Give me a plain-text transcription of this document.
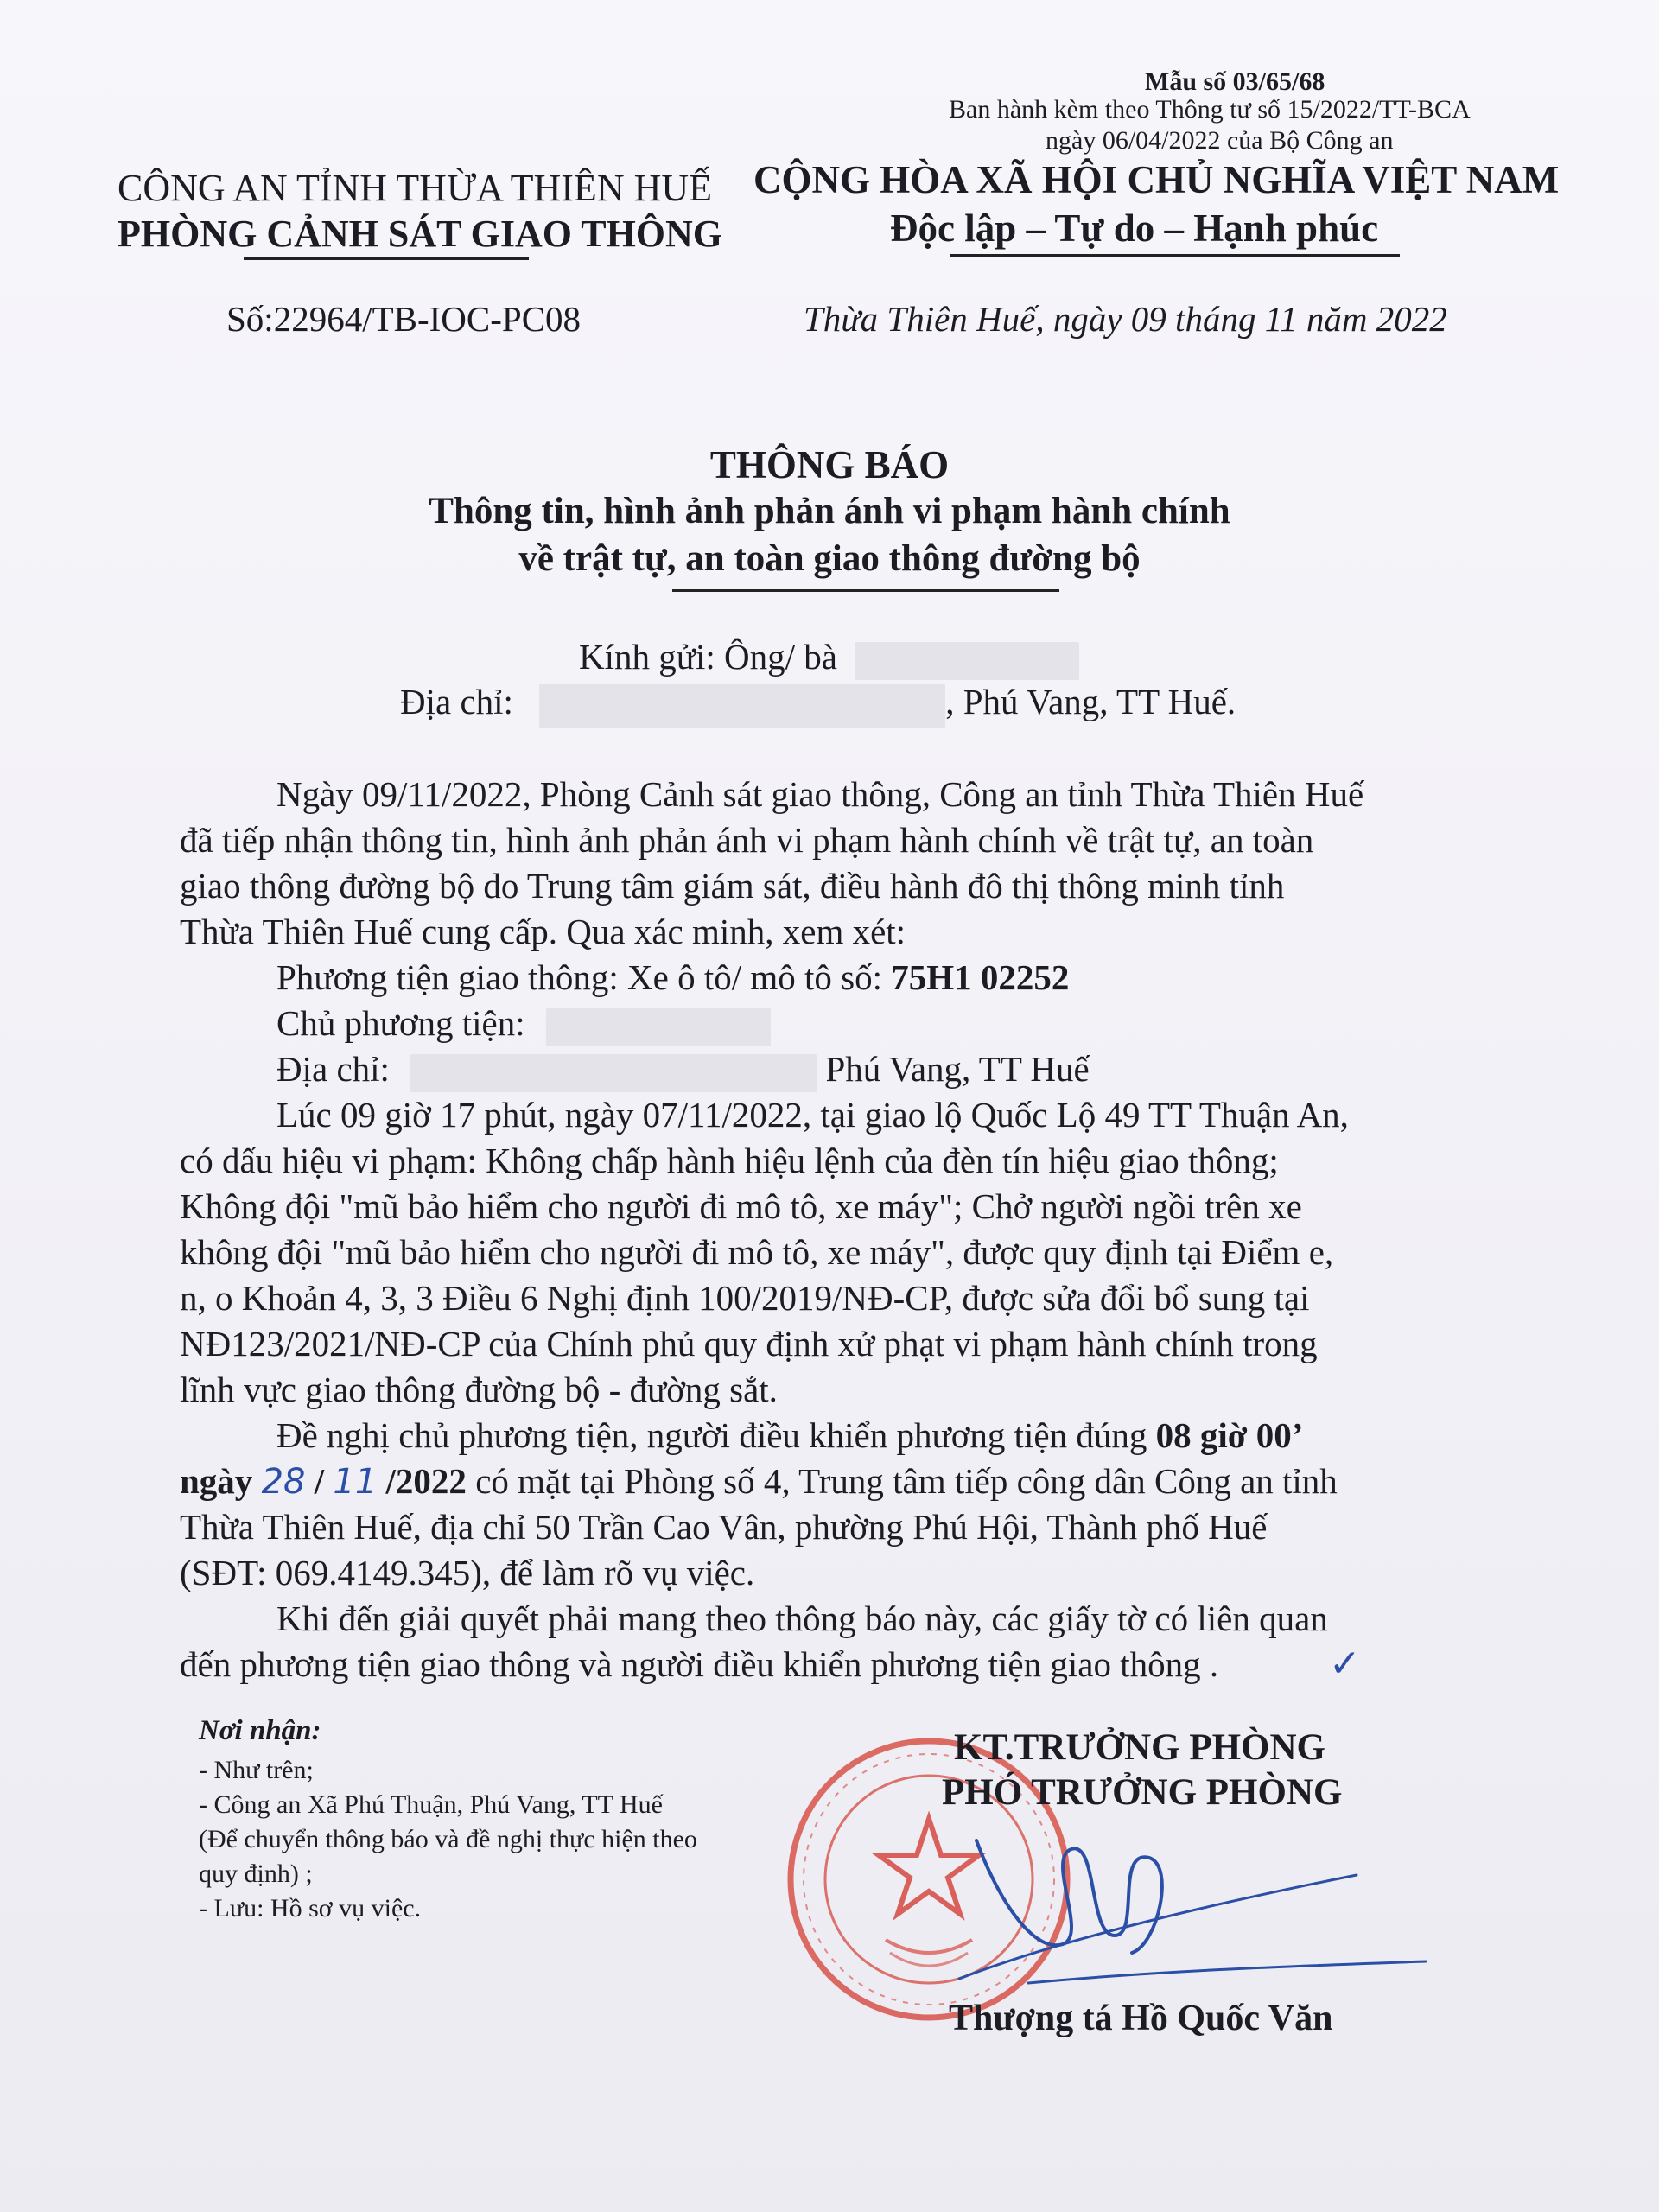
Mẫu số 03/65/68
Ban hành kèm theo Thông tư số 15/2022/TT-BCA
ngày 06/04/2022 của Bộ Công an
CÔNG AN TỈNH THỪA THIÊN HUẾ
PHÒNG CẢNH SÁT GIAO THÔNG
CỘNG HÒA XÃ HỘI CHỦ NGHĨA VIỆT NAM
Độc lập – Tự do – Hạnh phúc
Số:22964/TB-IOC-PC08	Thừa Thiên Huế, ngày 09 tháng 11 năm 2022
THÔNG BÁO
Thông tin, hình ảnh phản ánh vi phạm hành chính
về trật tự, an toàn giao thông đường bộ
Kính gửi: Ông/ bà
Địa chỉ:	, Phú Vang, TT Huế.
Ngày 09/11/2022, Phòng Cảnh sát giao thông, Công an tỉnh Thừa Thiên Huế
đã tiếp nhận thông tin, hình ảnh phản ánh vi phạm hành chính về trật tự, an toàn
giao thông đường bộ do Trung tâm giám sát, điều hành đô thị thông minh tỉnh
Thừa Thiên Huế cung cấp. Qua xác minh, xem xét:
Phương tiện giao thông: Xe ô tô/ mô tô số: 75H1 02252
Chủ phương tiện:
Địa chỉ:	Phú Vang, TT Huế
Lúc 09 giờ 17 phút, ngày 07/11/2022, tại giao lộ Quốc Lộ 49 TT Thuận An,
có dấu hiệu vi phạm: Không chấp hành hiệu lệnh của đèn tín hiệu giao thông;
Không đội "mũ bảo hiểm cho người đi mô tô, xe máy"; Chở người ngồi trên xe
không đội "mũ bảo hiểm cho người đi mô tô, xe máy", được quy định tại Điểm e,
n, o Khoản 4, 3, 3 Điều 6 Nghị định 100/2019/NĐ-CP, được sửa đổi bổ sung tại
NĐ123/2021/NĐ-CP của Chính phủ quy định xử phạt vi phạm hành chính trong
lĩnh vực giao thông đường bộ - đường sắt.
Đề nghị chủ phương tiện, người điều khiển phương tiện đúng 08 giờ 00’
ngày 28 / 11 /2022 có mặt tại Phòng số 4, Trung tâm tiếp công dân Công an tỉnh
Thừa Thiên Huế, địa chỉ 50 Trần Cao Vân, phường Phú Hội, Thành phố Huế
(SĐT: 069.4149.345), để làm rõ vụ việc.
Khi đến giải quyết phải mang theo thông báo này, các giấy tờ có liên quan
đến phương tiện giao thông và người điều khiển phương tiện giao thông .	✓
Nơi nhận:
- Như trên;
- Công an Xã Phú Thuận, Phú Vang, TT Huế
(Để chuyển thông báo và đề nghị thực hiện theo
quy định) ;
- Lưu: Hồ sơ vụ việc.
KT.TRƯỞNG PHÒNG
PHÓ TRƯỞNG PHÒNG
Thượng tá Hồ Quốc Văn
